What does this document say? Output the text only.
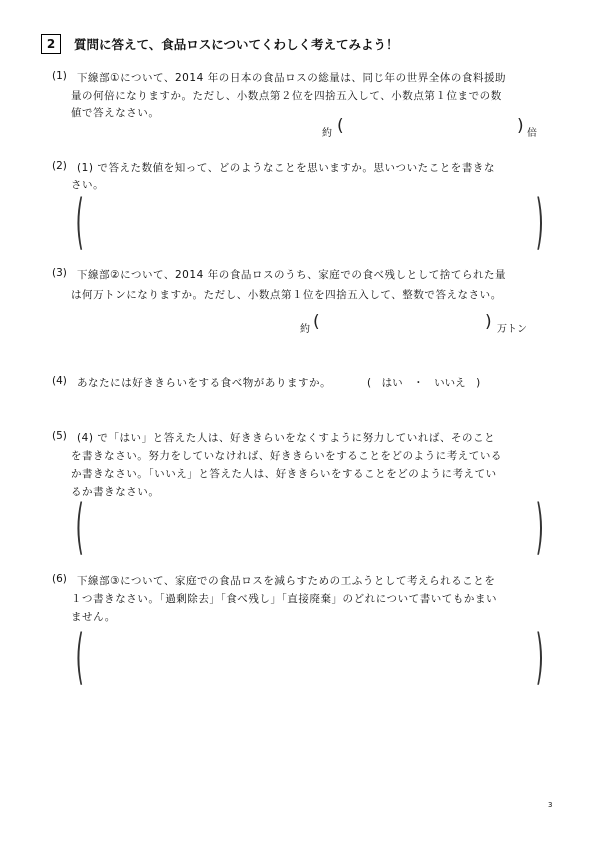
2	質問に答えて、食品ロスについてくわしく考えてみよう！
(1) 下線部①について、2014 年の日本の食品ロスの総量は、同じ年の世界全体の食料援助
量の何倍になりますか。ただし、小数点第２位を四捨五入して、小数点第１位までの数
値で答えなさい。
約 (	) 倍
(2) (1) で答えた数値を知って、どのようなことを思いますか。思いついたことを書きな
さい。
(	)
(3) 下線部②について、2014 年の食品ロスのうち、家庭での食べ残しとして捨てられた量
は何万トンになりますか。ただし、小数点第１位を四捨五入して、整数で答えなさい。
約 (	) 万トン
(4) あなたには好ききらいをする食べ物がありますか。	(　はい　・　いいえ　)
(5) (4) で「はい」と答えた人は、好ききらいをなくすように努力していれば、そのこと
を書きなさい。努力をしていなければ、好ききらいをすることをどのように考えている
か書きなさい。「いいえ」と答えた人は、好ききらいをすることをどのように考えてい
るか書きなさい。
(	)
(6) 下線部③について、家庭での食品ロスを減らすための工ふうとして考えられることを
１つ書きなさい。「過剰除去」「食べ残し」「直接廃棄」のどれについて書いてもかまい
ません。
(	)
3
